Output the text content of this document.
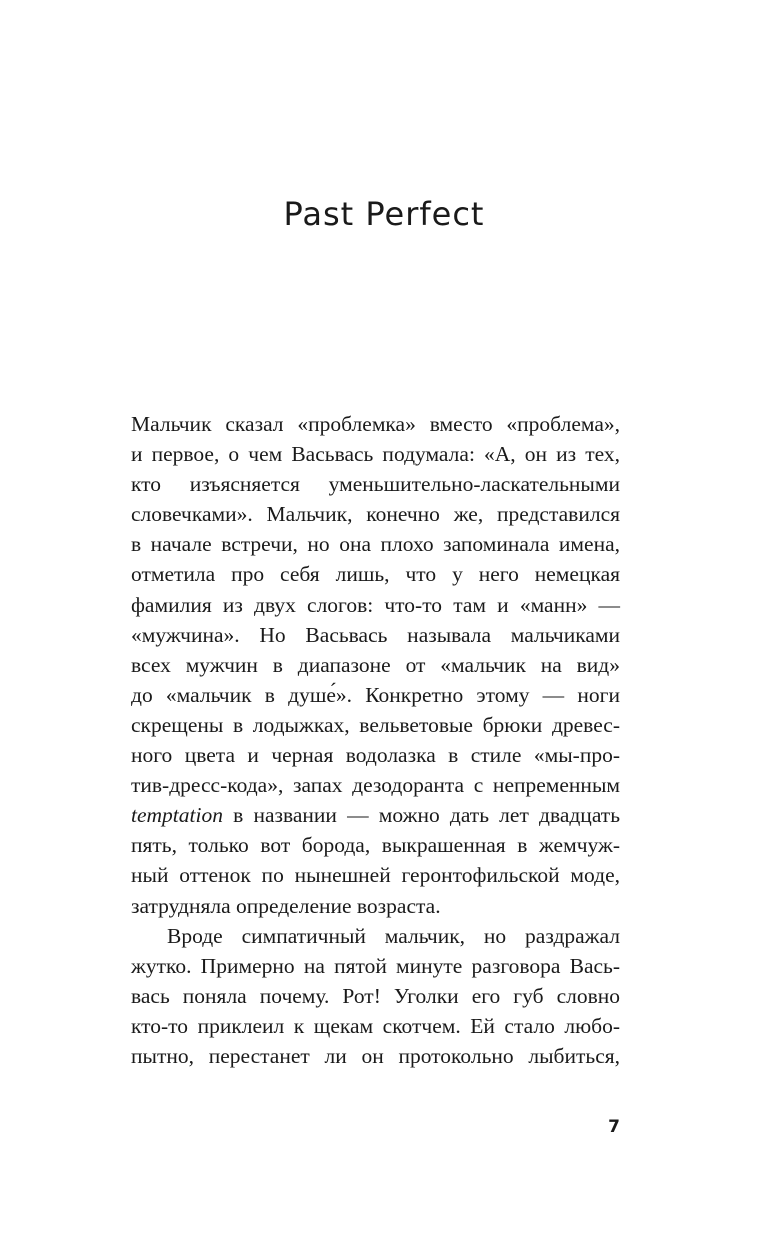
Past Perfect
Мальчик сказал «проблемка» вместо «проблема»,
и первое, о чем Васьвась подумала: «А, он из тех,
кто изъясняется уменьшительно-ласкательными
словечками». Мальчик, конечно же, представился
в начале встречи, но она плохо запоминала имена,
отметила про себя лишь, что у него немецкая
фамилия из двух слогов: что-то там и «манн» —
«мужчина». Но Васьвась называла мальчиками
всех мужчин в диапазоне от «мальчик на вид»
до «мальчик в душе́». Конкретно этому — ноги
скрещены в лодыжках, вельветовые брюки древес-
ного цвета и черная водолазка в стиле «мы-про-
тив-дресс-кода», запах дезодоранта с непременным
temptation в названии — можно дать лет двадцать
пять, только вот борода, выкрашенная в жемчуж-
ный оттенок по нынешней геронтофильской моде,
затрудняла определение возраста.
Вроде симпатичный мальчик, но раздражал
жутко. Примерно на пятой минуте разговора Вась-
вась поняла почему. Рот! Уголки его губ словно
кто-то приклеил к щекам скотчем. Ей стало любо-
пытно, перестанет ли он протокольно лыбиться,
7
